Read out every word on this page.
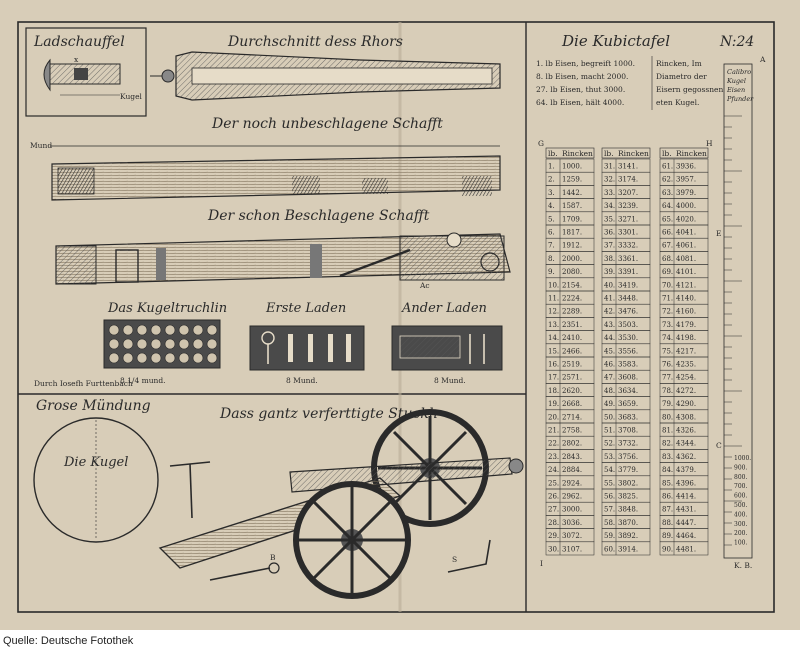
Ladschauffel
x
Kugel
Durchschnitt dess Rhors
Der noch unbeschlagene Schafft
Mund
Der schon Beschlagene Schafft
Ac
Das Kugeltruchlin
8 1/4 mund.
Durch Iosefh Furttenbach
Erste Laden
8 Mund.
Ander Laden
8 Mund.
Grose Mündung
Die Kugel
Dass gantz verferttigte Stuckh
B	S
Die Kubictafel	N:24
1. lb Eisen, begreift 1000.
8. lb Eisen, macht 2000.
27. lb Eisen, thut 3000.
64. lb Eisen, hält 4000.
Rincken, Im
Diametro der
Eisern gegossnen
eten Kugel.
G	H
E
C
A
K. B.
I
lb. Rincken lb. Rincken lb. Rincken
1. 1000.
2. 1259.
3. 1442.
4. 1587.
5. 1709.
6. 1817.
7. 1912.
8. 2000.
9. 2080.
10. 2154.
11. 2224.
12. 2289.
13. 2351.
14. 2410.
15. 2466.
16. 2519.
17. 2571.
18. 2620.
19. 2668.
20. 2714.
21. 2758.
22. 2802.
23. 2843.
24. 2884.
25. 2924.
26. 2962.
27. 3000.
28. 3036.
29. 3072.
30. 3107.
31. 3141.
32. 3174.
33. 3207.
34. 3239.
35. 3271.
36. 3301.
37. 3332.
38. 3361.
39. 3391.
40. 3419.
41. 3448.
42. 3476.
43. 3503.
44. 3530.
45. 3556.
46. 3583.
47. 3608.
48. 3634.
49. 3659.
50. 3683.
51. 3708.
52. 3732.
53. 3756.
54. 3779.
55. 3802.
56. 3825.
57. 3848.
58. 3870.
59. 3892.
60. 3914.
61. 3936.
62. 3957.
63. 3979.
64. 4000.
65. 4020.
66. 4041.
67. 4061.
68. 4081.
69. 4101.
70. 4121.
71. 4140.
72. 4160.
73. 4179.
74. 4198.
75. 4217.
76. 4235.
77. 4254.
78. 4272.
79. 4290.
80. 4308.
81. 4326.
82. 4344.
83. 4362.
84. 4379.
85. 4396.
86. 4414.
87. 4431.
88. 4447.
89. 4464.
90. 4481.
Calibro
Kugel
Eisen
Pfunder
1000.
900.
800.
700.
600.
500.
400.
300.
200.
100.
Quelle: Deutsche Fotothek
